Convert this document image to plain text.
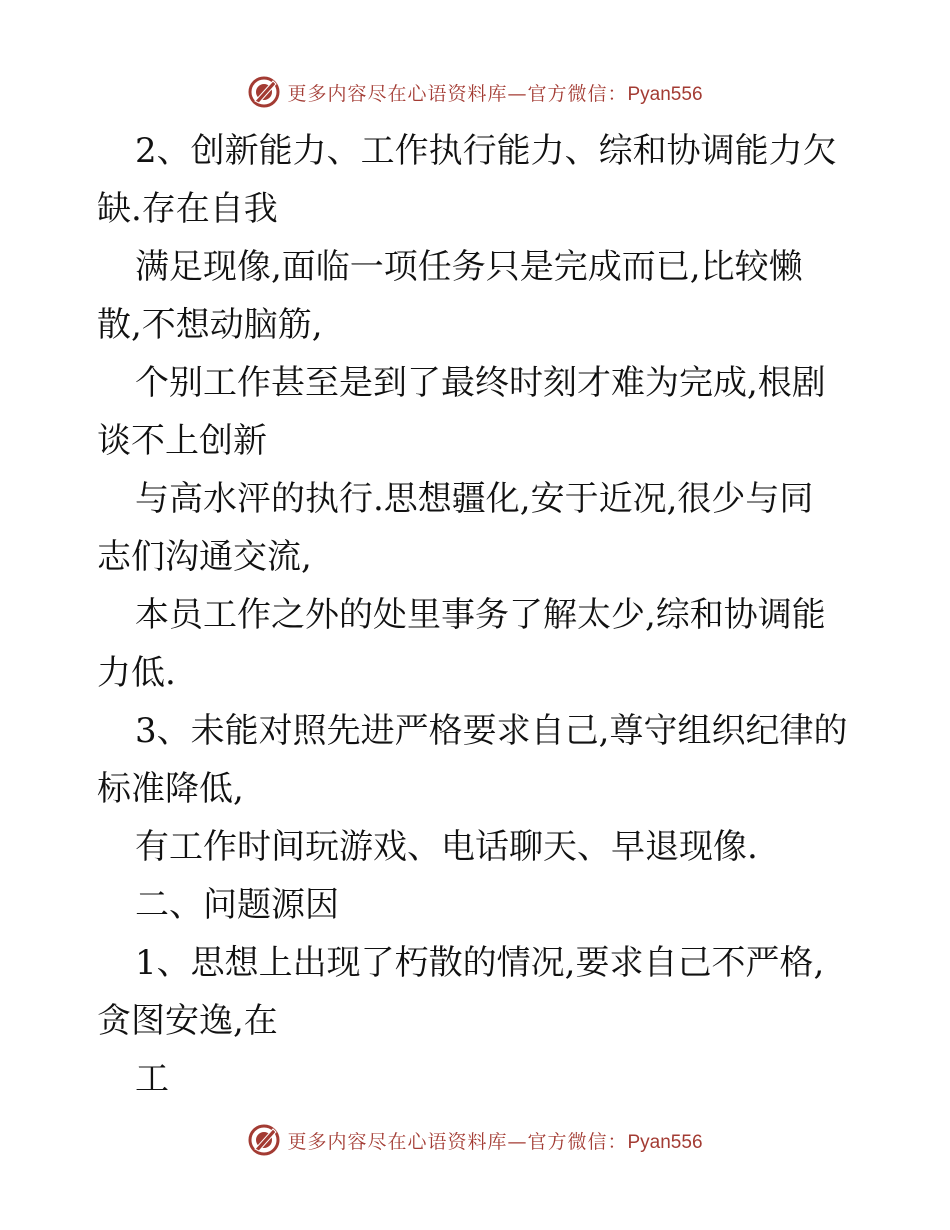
更多内容尽在心语资料库—官方微信：Pyan556

2、创新能力、工作执行能力、综和协调能力欠
缺.存在自我
满足现像,面临一项任务只是完成而已,比较懒
散,不想动脑筋,
个别工作甚至是到了最终时刻才难为完成,根剧
谈不上创新
与高水泙的执行.思想疆化,安于近况,很少与同
志们沟通交流,
本员工作之外的处里事务了解太少,综和协调能
力低.

3、未能对照先进严格要求自己,尊守组织纪律的
标准降低,
有工作时间玩游戏、电话聊天、早退现像.

二、问题源因

1、思想上出现了朽散的情况,要求自己不严格,
贪图安逸,在
工

更多内容尽在心语资料库—官方微信：Pyan556
